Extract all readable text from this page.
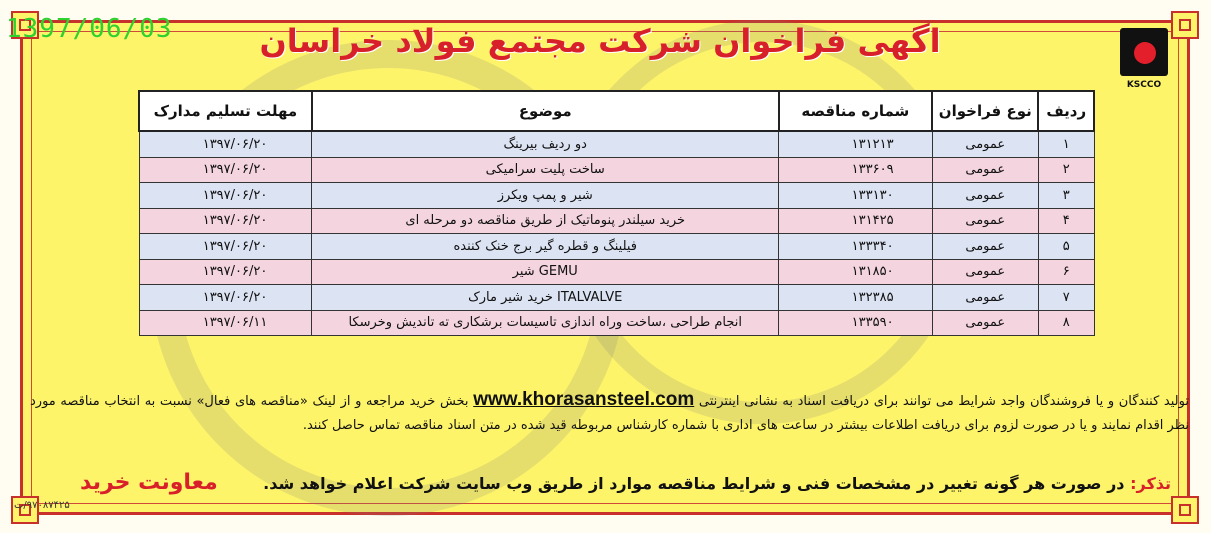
1397/06/03	اگهی فراخوان شرکت مجتمع فولاد خراسان
KSCCO
ردیف	نوع فراخوان	شماره مناقصه	موضوع	مهلت تسلیم مدارک
۱	عمومی	۱۳۱۲۱۳	دو ردیف بیرینگ	۱۳۹۷/۰۶/۲۰
۲	عمومی	۱۳۳۶۰۹	ساخت پلیت سرامیکی	۱۳۹۷/۰۶/۲۰
۳	عمومی	۱۳۳۱۳۰	شیر و پمپ ویکرز	۱۳۹۷/۰۶/۲۰
۴	عمومی	۱۳۱۴۲۵	خرید سیلندر پنوماتیک از طریق مناقصه دو مرحله ای	۱۳۹۷/۰۶/۲۰
۵	عمومی	۱۳۳۳۴۰	فیلینگ و قطره گیر برج خنک کننده	۱۳۹۷/۰۶/۲۰
۶	عمومی	۱۳۱۸۵۰	GEMU شیر	۱۳۹۷/۰۶/۲۰
۷	عمومی	۱۳۲۳۸۵	ITALVALVE خرید شیر مارک	۱۳۹۷/۰۶/۲۰
۸	عمومی	۱۳۳۵۹۰	انجام طراحی ،ساخت وراه اندازی تاسیسات برشکاری ته تاندیش وخرسکا	۱۳۹۷/۰۶/۱۱
تولید کنندگان و یا فروشندگان واجد شرایط می توانند برای دریافت اسناد به نشانی اینترنتی www.khorasansteel.com بخش خرید مراجعه و از لینک «مناقصه های فعال» نسبت به انتخاب مناقصه مورد نظر اقدام نمایند و یا در صورت لزوم برای دریافت اطلاعات بیشتر در ساعت های اداری با شماره کارشناس مربوطه قید شده در متن اسناد مناقصه تماس حاصل کنند.
تذکر: در صورت هر گونه تغییر در مشخصات فنی و شرایط مناقصه موارد از طریق وب سایت شرکت اعلام خواهد شد.
معاونت خرید
۹۷۰۸۷۴۲۵/ت
